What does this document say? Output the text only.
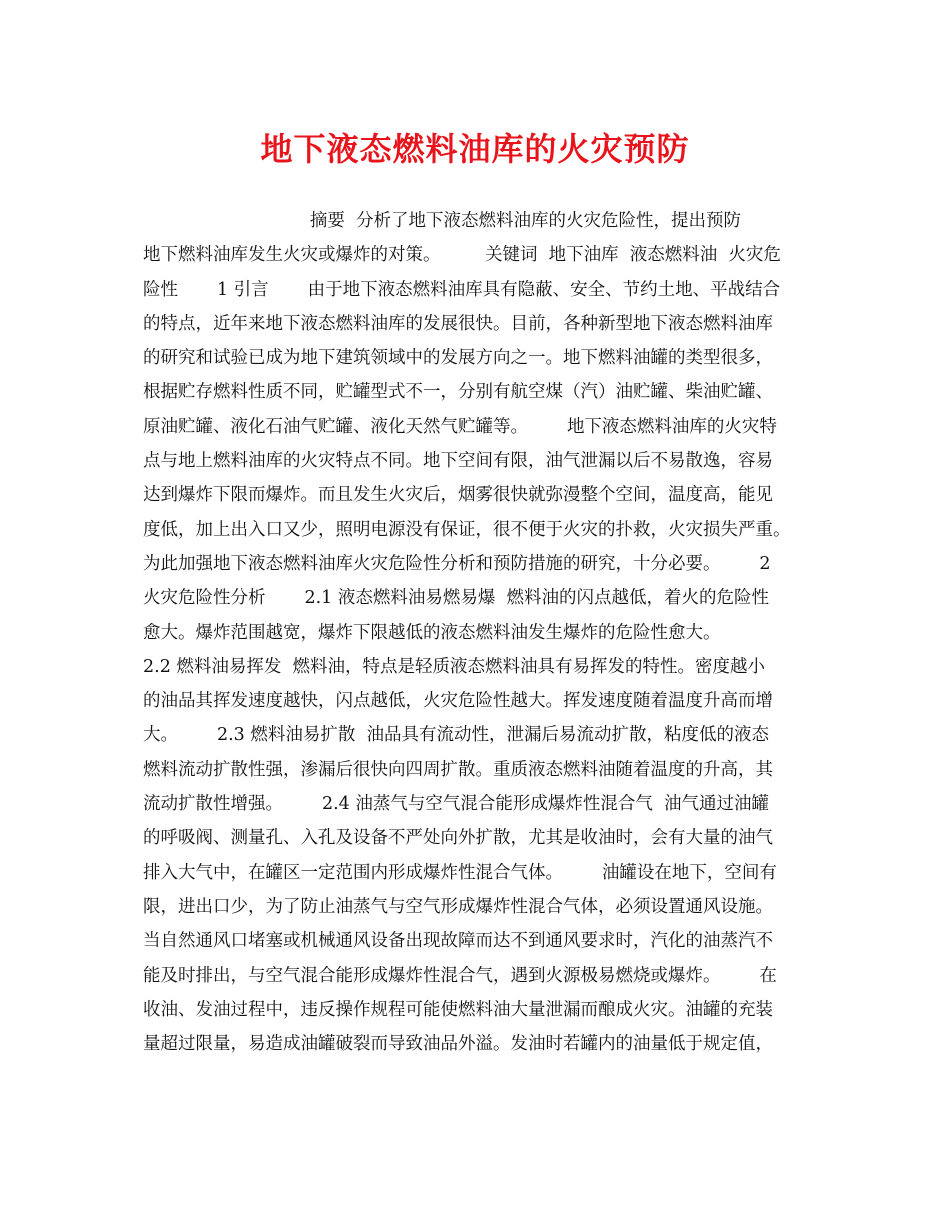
地下液态燃料油库的火灾预防
摘要  分析了地下液态燃料油库的火灾危险性，提出预防
地下燃料油库发生火灾或爆炸的对策。        关键词  地下油库  液态燃料油  火灾危
险性       1 引言       由于地下液态燃料油库具有隐蔽、安全、节约土地、平战结合
的特点，近年来地下液态燃料油库的发展很快。目前，各种新型地下液态燃料油库
的研究和试验已成为地下建筑领域中的发展方向之一。地下燃料油罐的类型很多，
根据贮存燃料性质不同，贮罐型式不一，分别有航空煤（汽）油贮罐、柴油贮罐、
原油贮罐、液化石油气贮罐、液化天然气贮罐等。       地下液态燃料油库的火灾特
点与地上燃料油库的火灾特点不同。地下空间有限，油气泄漏以后不易散逸，容易
达到爆炸下限而爆炸。而且发生火灾后，烟雾很快就弥漫整个空间，温度高，能见
度低，加上出入口又少，照明电源没有保证，很不便于火灾的扑救，火灾损失严重。
为此加强地下液态燃料油库火灾危险性分析和预防措施的研究，十分必要。       2
火灾危险性分析       2.1 液态燃料油易燃易爆  燃料油的闪点越低，着火的危险性
愈大。爆炸范围越宽，爆炸下限越低的液态燃料油发生爆炸的危险性愈大。
2.2 燃料油易挥发  燃料油，特点是轻质液态燃料油具有易挥发的特性。密度越小
的油品其挥发速度越快，闪点越低，火灾危险性越大。挥发速度随着温度升高而增
大。       2.3 燃料油易扩散  油品具有流动性，泄漏后易流动扩散，粘度低的液态
燃料流动扩散性强，渗漏后很快向四周扩散。重质液态燃料油随着温度的升高，其
流动扩散性增强。       2.4 油蒸气与空气混合能形成爆炸性混合气  油气通过油罐
的呼吸阀、测量孔、入孔及设备不严处向外扩散，尤其是收油时，会有大量的油气
排入大气中，在罐区一定范围内形成爆炸性混合气体。       油罐设在地下，空间有
限，进出口少，为了防止油蒸气与空气形成爆炸性混合气体，必须设置通风设施。
当自然通风口堵塞或机械通风设备出现故障而达不到通风要求时，汽化的油蒸汽不
能及时排出，与空气混合能形成爆炸性混合气，遇到火源极易燃烧或爆炸。       在
收油、发油过程中，违反操作规程可能使燃料油大量泄漏而酿成火灾。油罐的充装
量超过限量，易造成油罐破裂而导致油品外溢。发油时若罐内的油量低于规定值，
